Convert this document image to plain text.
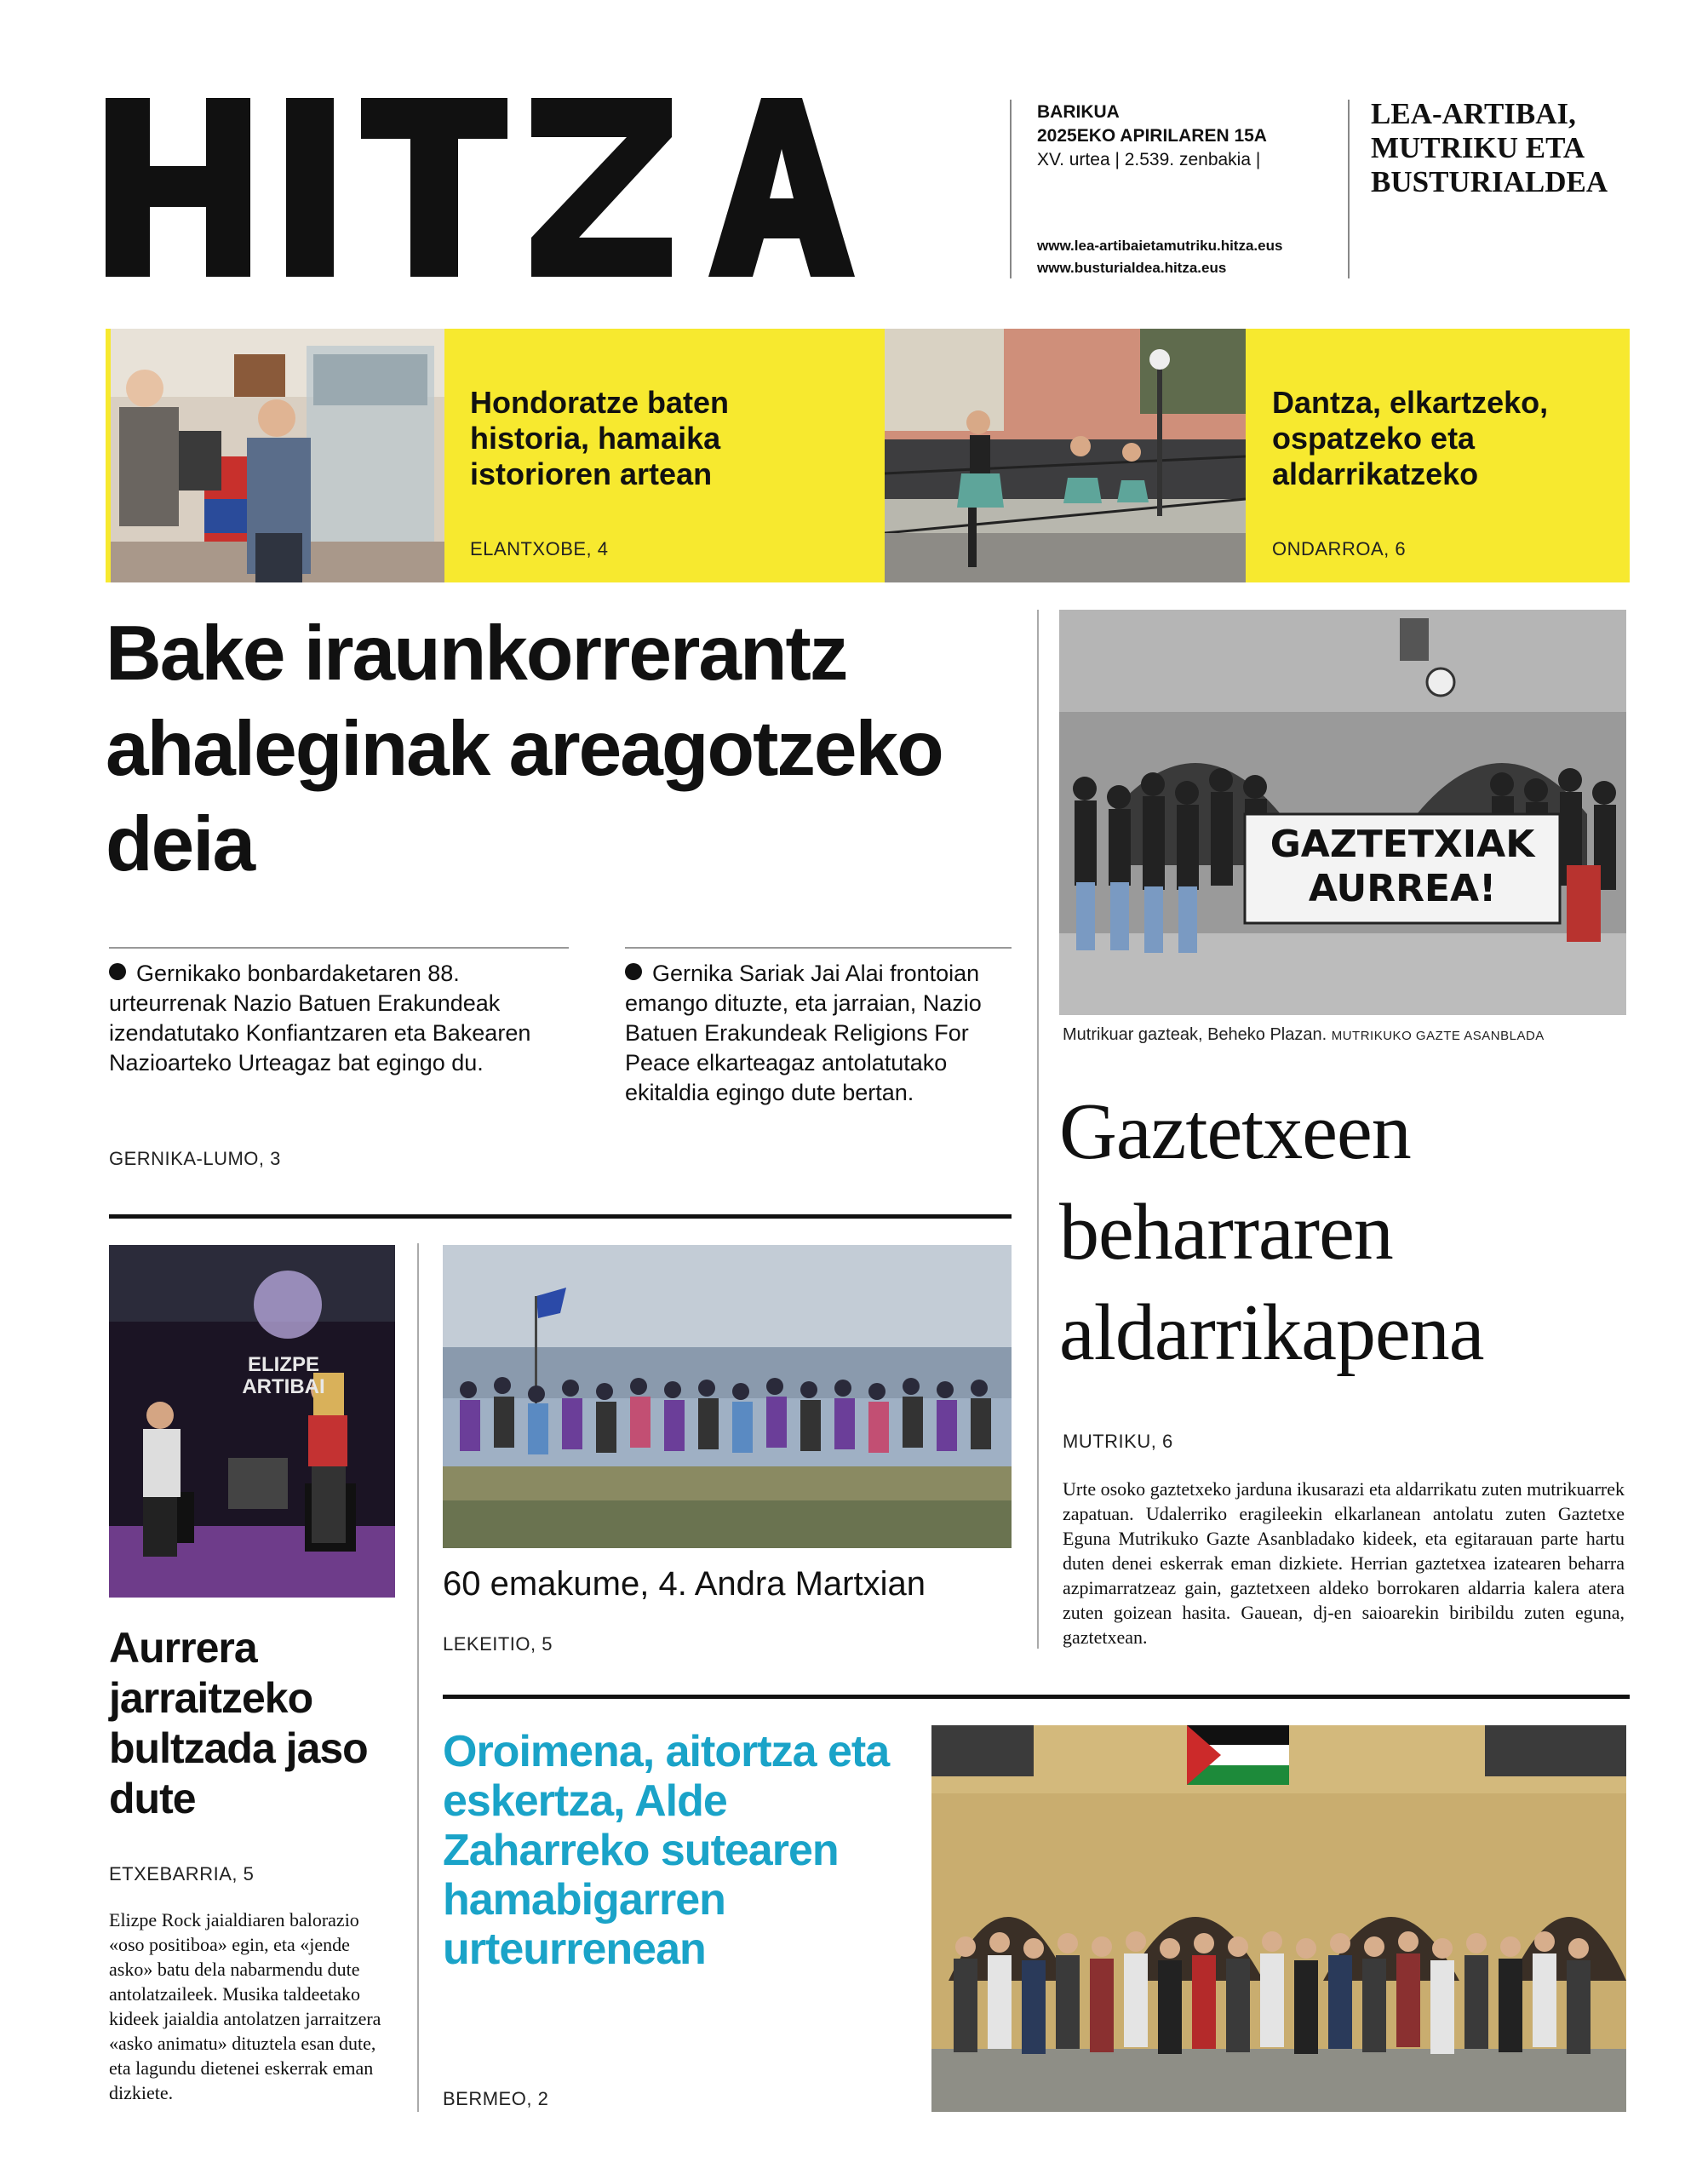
BARIKUA
2025EKO APIRILAREN 15A
XV. urtea | 2.539. zenbakia |
www.lea-artibaietamutriku.hitza.eus
www.busturialdea.hitza.eus
LEA-ARTIBAI, MUTRIKU ETA BUSTURIALDEA
Hondoratze baten historia, hamaika istorioren artean
ELANTXOBE, 4
Dantza, elkartzeko, ospatzeko eta aldarrikatzeko
ONDARROA, 6
Bake iraunkorrerantz ahaleginak areagotzeko deia
Gernikako bonbardaketaren 88. urteurrenak Nazio Batuen Erakundeak izendatutako Konfiantzaren eta Bakearen Nazioarteko Urteagaz bat egingo du.
Gernika Sariak Jai Alai frontoian emango dituzte, eta jarraian, Nazio Batuen Erakundeak Religions For Peace elkarteagaz antolatutako ekitaldia egingo dute bertan.
GERNIKA-LUMO, 3
GAZTETXIAK AURREA!
Mutrikuar gazteak, Beheko Plazan. MUTRIKUKO GAZTE ASANBLADA
Gaztetxeen beharraren aldarrikapena
MUTRIKU, 6
Urte osoko gaztetxeko jarduna ikusarazi eta aldarrikatu zuten mutrikuarrek zapatuan. Udalerriko eragileekin elkarlanean antolatu zuten Gaztetxe Eguna Mutrikuko Gazte Asanbladako kideek, eta egitarauan parte hartu duten denei eskerrak eman dizkiete. Herrian gaztetxea izatearen beharra azpimarratzeaz gain, gaztetxeen aldeko borrokaren aldarria kalera atera zuten goizean hasita. Gauean, dj-en saioarekin biribildu zuten eguna, gaztetxean.
ELIZPE ARTIBAI
Aurrera jarraitzeko bultzada jaso dute
ETXEBARRIA, 5
Elizpe Rock jaialdiaren balorazio «oso positiboa» egin, eta «jende asko» batu dela nabarmendu dute antolatzaileek. Musika taldeetako kideek jaialdia antolatzen jarraitzera «asko animatu» dituztela esan dute, eta lagundu dietenei eskerrak eman dizkiete.
60 emakume, 4. Andra Martxian
LEKEITIO, 5
Oroimena, aitortza eta eskertza, Alde Zaharreko sutearen hamabigarren urteurrenean
BERMEO, 2
